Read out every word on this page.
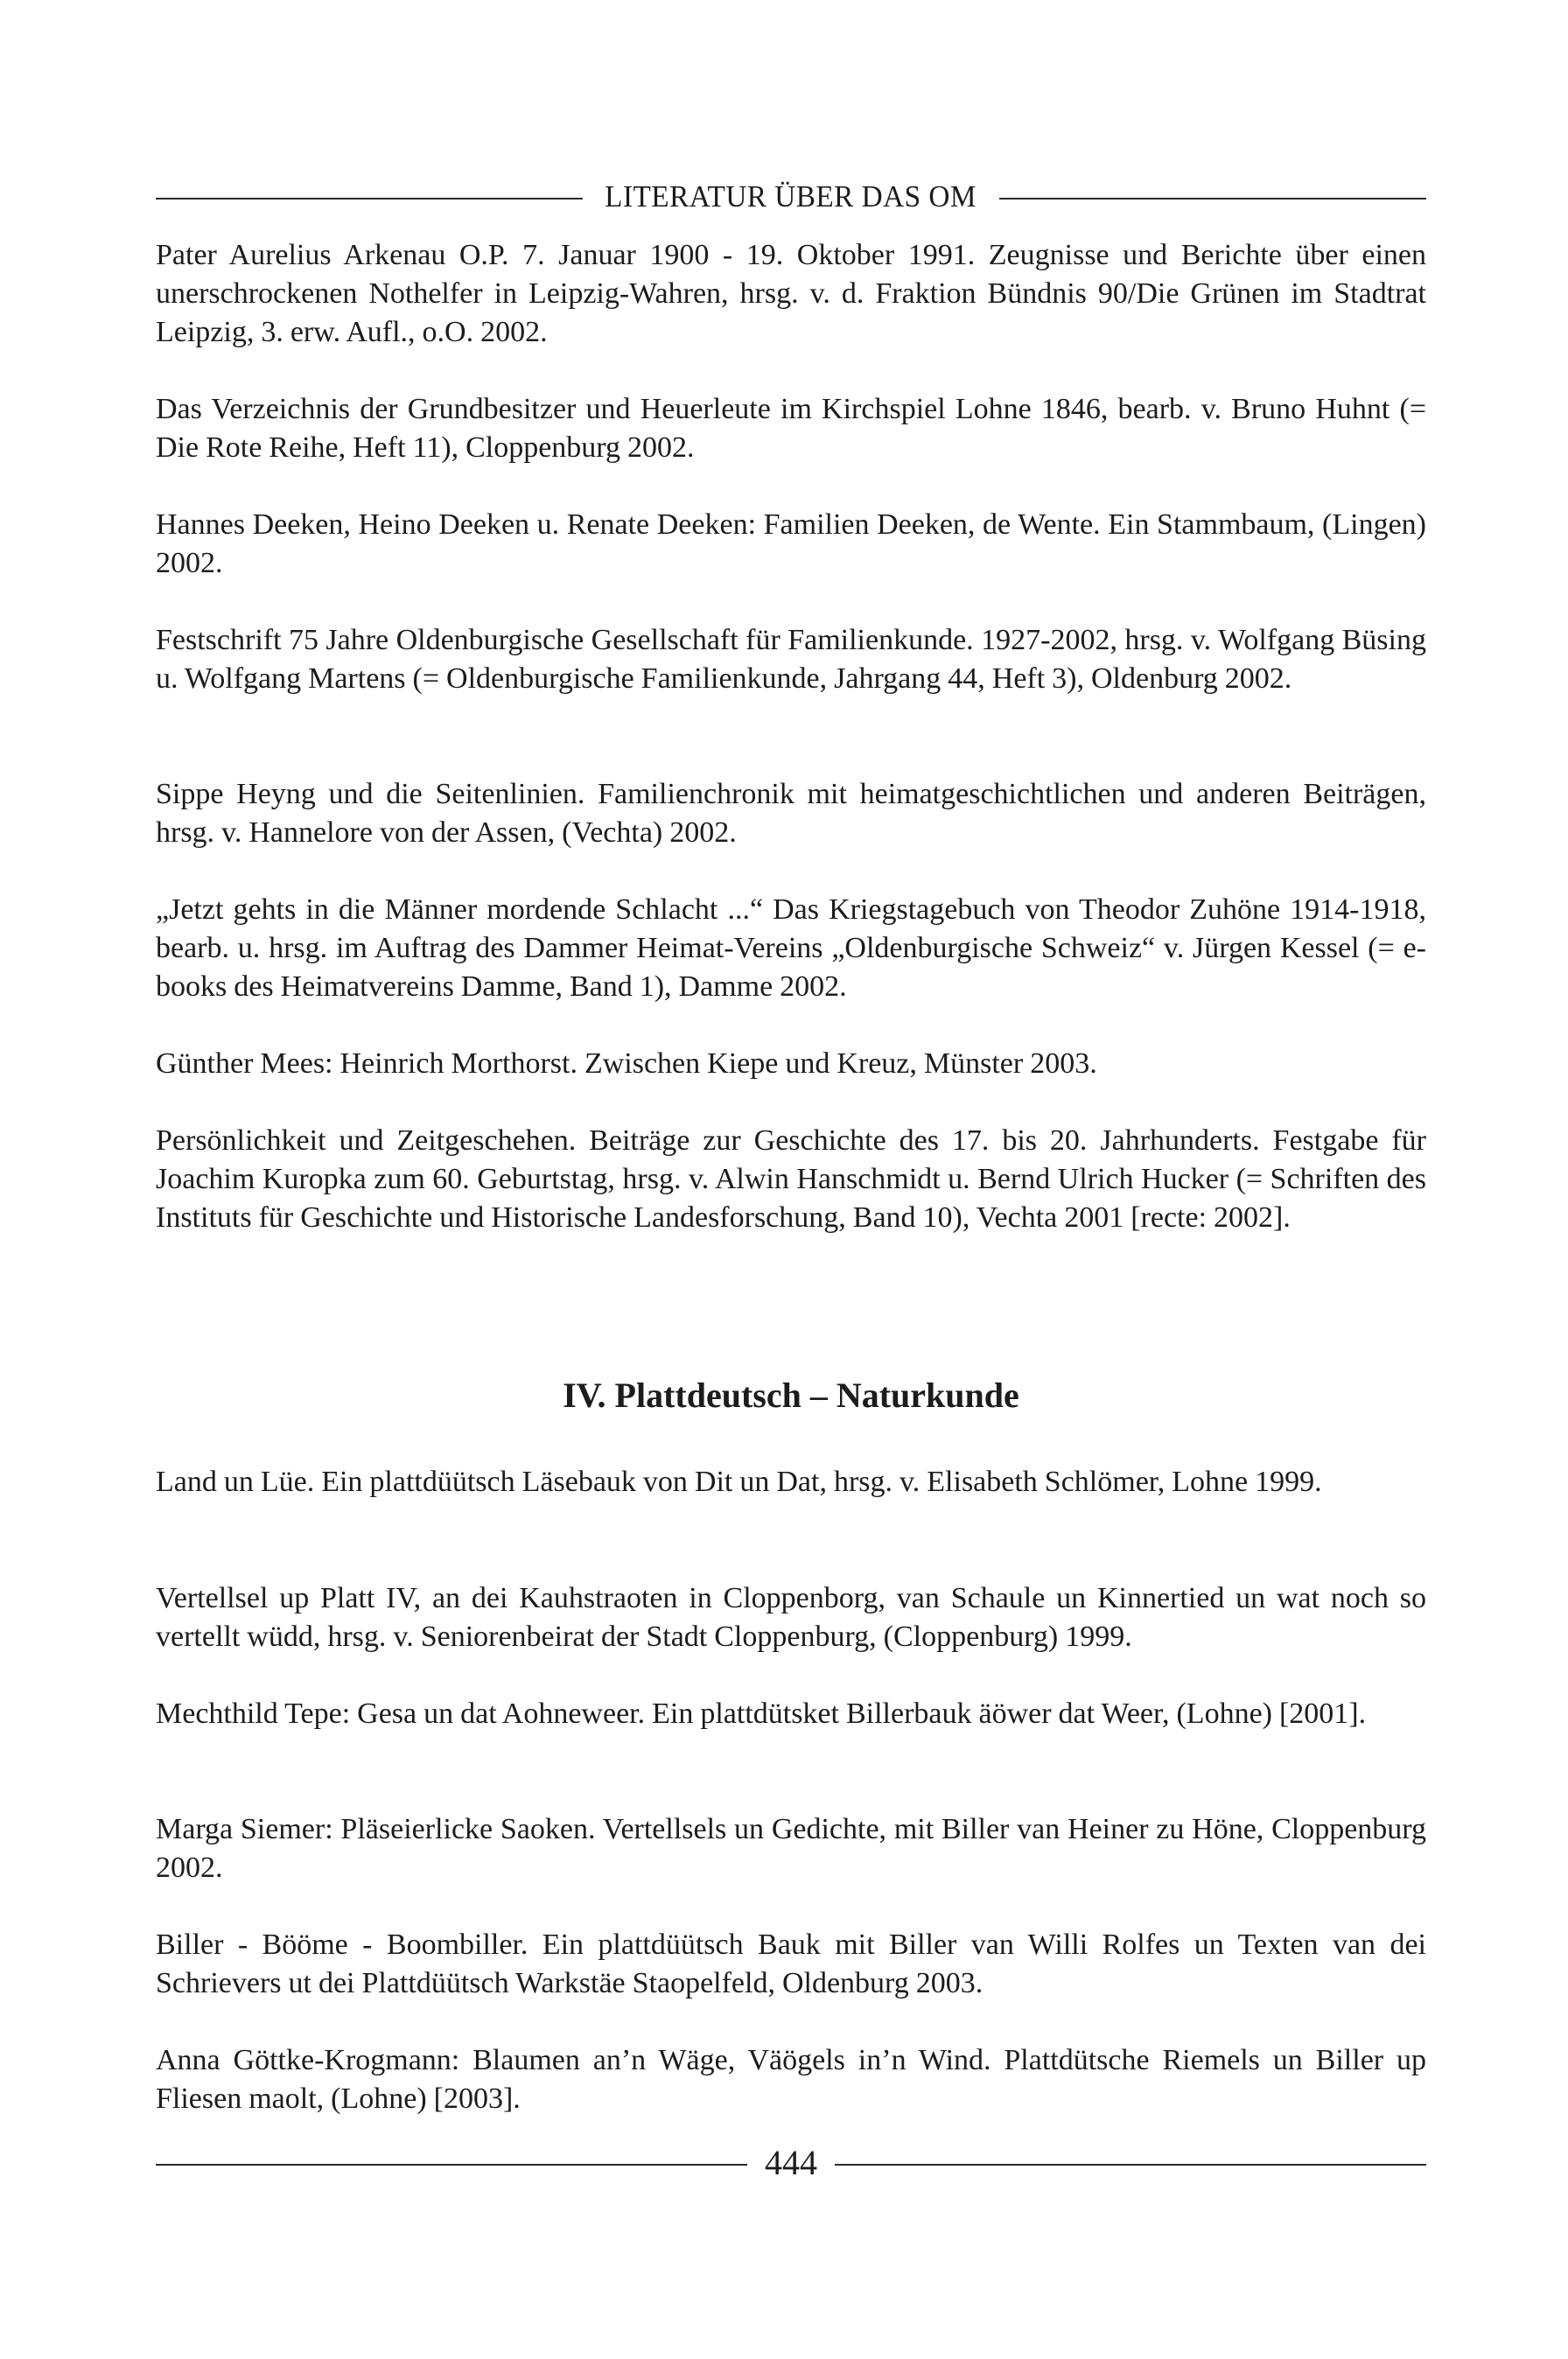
LITERATUR ÜBER DAS OM

Pater Aurelius Arkenau O.P. 7. Januar 1900 - 19. Oktober 1991. Zeugnisse und Berichte über einen unerschrockenen Nothelfer in Leipzig-Wahren, hrsg. v. d. Fraktion Bündnis 90/Die Grünen im Stadtrat Leipzig, 3. erw. Aufl., o.O. 2002.

Das Verzeichnis der Grundbesitzer und Heuerleute im Kirchspiel Lohne 1846, bearb. v. Bruno Huhnt (= Die Rote Reihe, Heft 11), Cloppenburg 2002.

Hannes Deeken, Heino Deeken u. Renate Deeken: Familien Deeken, de Wente. Ein Stammbaum, (Lingen) 2002.

Festschrift 75 Jahre Oldenburgische Gesellschaft für Familienkunde. 1927-2002, hrsg. v. Wolfgang Büsing u. Wolfgang Martens (= Oldenburgische Familienkunde, Jahrgang 44, Heft 3), Oldenburg 2002.

Sippe Heyng und die Seitenlinien. Familienchronik mit heimatgeschichtlichen und anderen Beiträgen, hrsg. v. Hannelore von der Assen, (Vechta) 2002.

„Jetzt gehts in die Männer mordende Schlacht ...“ Das Kriegstagebuch von Theodor Zuhöne 1914-1918, bearb. u. hrsg. im Auftrag des Dammer Heimat-Vereins „Oldenburgische Schweiz“ v. Jürgen Kessel (= e-books des Heimatvereins Damme, Band 1), Damme 2002.

Günther Mees: Heinrich Morthorst. Zwischen Kiepe und Kreuz, Münster 2003.

Persönlichkeit und Zeitgeschehen. Beiträge zur Geschichte des 17. bis 20. Jahrhunderts. Festgabe für Joachim Kuropka zum 60. Geburtstag, hrsg. v. Alwin Hanschmidt u. Bernd Ulrich Hucker (= Schriften des Instituts für Geschichte und Historische Landesforschung, Band 10), Vechta 2001 [recte: 2002].

IV. Plattdeutsch – Naturkunde

Land un Lüe. Ein plattdüütsch Läsebauk von Dit un Dat, hrsg. v. Elisabeth Schlömer, Lohne 1999.

Vertellsel up Platt IV, an dei Kauhstraoten in Cloppenborg, van Schaule un Kinnertied un wat noch so vertellt wüdd, hrsg. v. Seniorenbeirat der Stadt Cloppenburg, (Cloppenburg) 1999.

Mechthild Tepe: Gesa un dat Aohneweer. Ein plattdütsket Billerbauk äöwer dat Weer, (Lohne) [2001].

Marga Siemer: Pläseierlicke Saoken. Vertellsels un Gedichte, mit Biller van Heiner zu Höne, Cloppenburg 2002.

Biller - Bööme - Boombiller. Ein plattdüütsch Bauk mit Biller van Willi Rolfes un Texten van dei Schrievers ut dei Plattdüütsch Warkstäe Staopelfeld, Oldenburg 2003.

Anna Göttke-Krogmann: Blaumen an’n Wäge, Väögels in’n Wind. Plattdütsche Riemels un Biller up Fliesen maolt, (Lohne) [2003].

444
